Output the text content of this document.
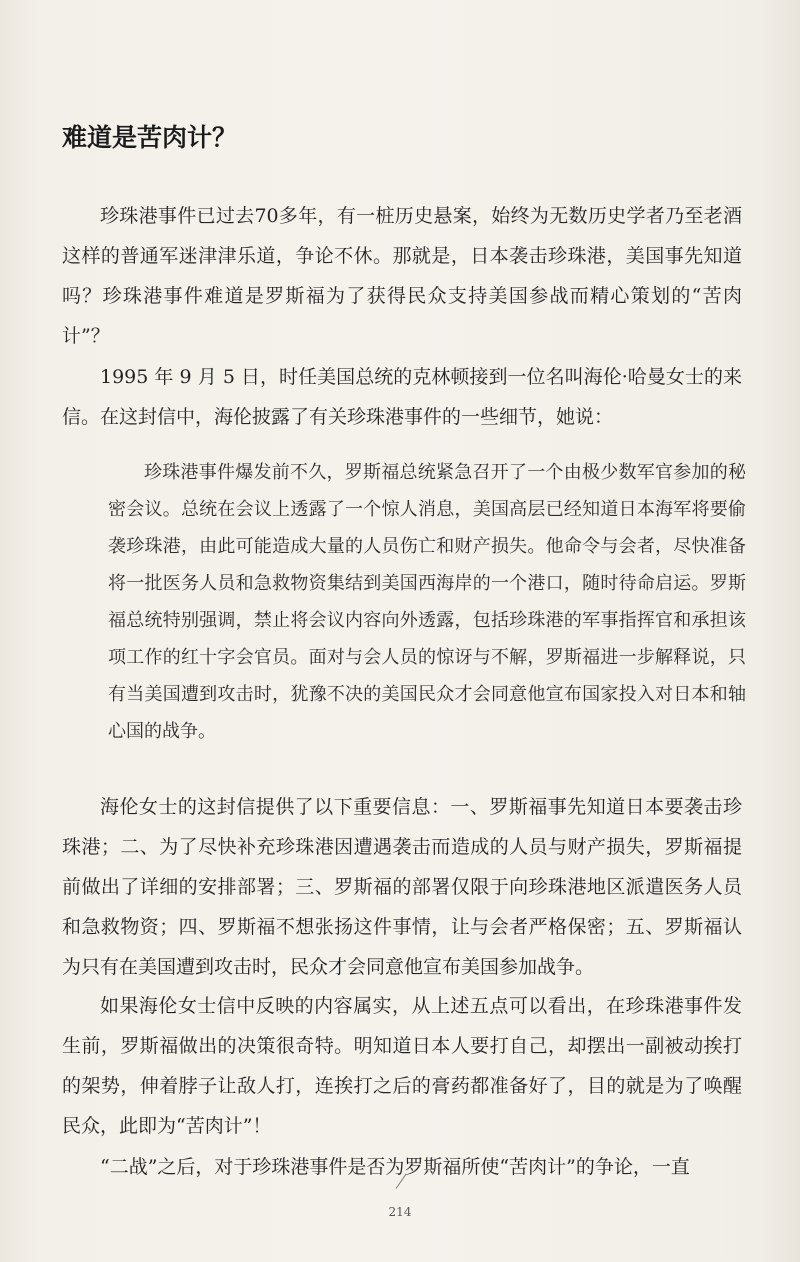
难道是苦肉计？

珍珠港事件已过去70多年，有一桩历史悬案，始终为无数历史学者乃至老酒这样的普通军迷津津乐道，争论不休。那就是，日本袭击珍珠港，美国事先知道吗？珍珠港事件难道是罗斯福为了获得民众支持美国参战而精心策划的“苦肉计”？

1995 年 9 月 5 日，时任美国总统的克林顿接到一位名叫海伦·哈曼女士的来信。在这封信中，海伦披露了有关珍珠港事件的一些细节，她说：

珍珠港事件爆发前不久，罗斯福总统紧急召开了一个由极少数军官参加的秘密会议。总统在会议上透露了一个惊人消息，美国高层已经知道日本海军将要偷袭珍珠港，由此可能造成大量的人员伤亡和财产损失。他命令与会者，尽快准备将一批医务人员和急救物资集结到美国西海岸的一个港口，随时待命启运。罗斯福总统特别强调，禁止将会议内容向外透露，包括珍珠港的军事指挥官和承担该项工作的红十字会官员。面对与会人员的惊讶与不解，罗斯福进一步解释说，只有当美国遭到攻击时，犹豫不决的美国民众才会同意他宣布国家投入对日本和轴心国的战争。

海伦女士的这封信提供了以下重要信息：一、罗斯福事先知道日本要袭击珍珠港；二、为了尽快补充珍珠港因遭遇袭击而造成的人员与财产损失，罗斯福提前做出了详细的安排部署；三、罗斯福的部署仅限于向珍珠港地区派遣医务人员和急救物资；四、罗斯福不想张扬这件事情，让与会者严格保密；五、罗斯福认为只有在美国遭到攻击时，民众才会同意他宣布美国参加战争。

如果海伦女士信中反映的内容属实，从上述五点可以看出，在珍珠港事件发生前，罗斯福做出的决策很奇特。明知道日本人要打自己，却摆出一副被动挨打的架势，伸着脖子让敌人打，连挨打之后的膏药都准备好了，目的就是为了唤醒民众，此即为“苦肉计”！

“二战”之后，对于珍珠港事件是否为罗斯福所使“苦肉计”的争论，一直

214
